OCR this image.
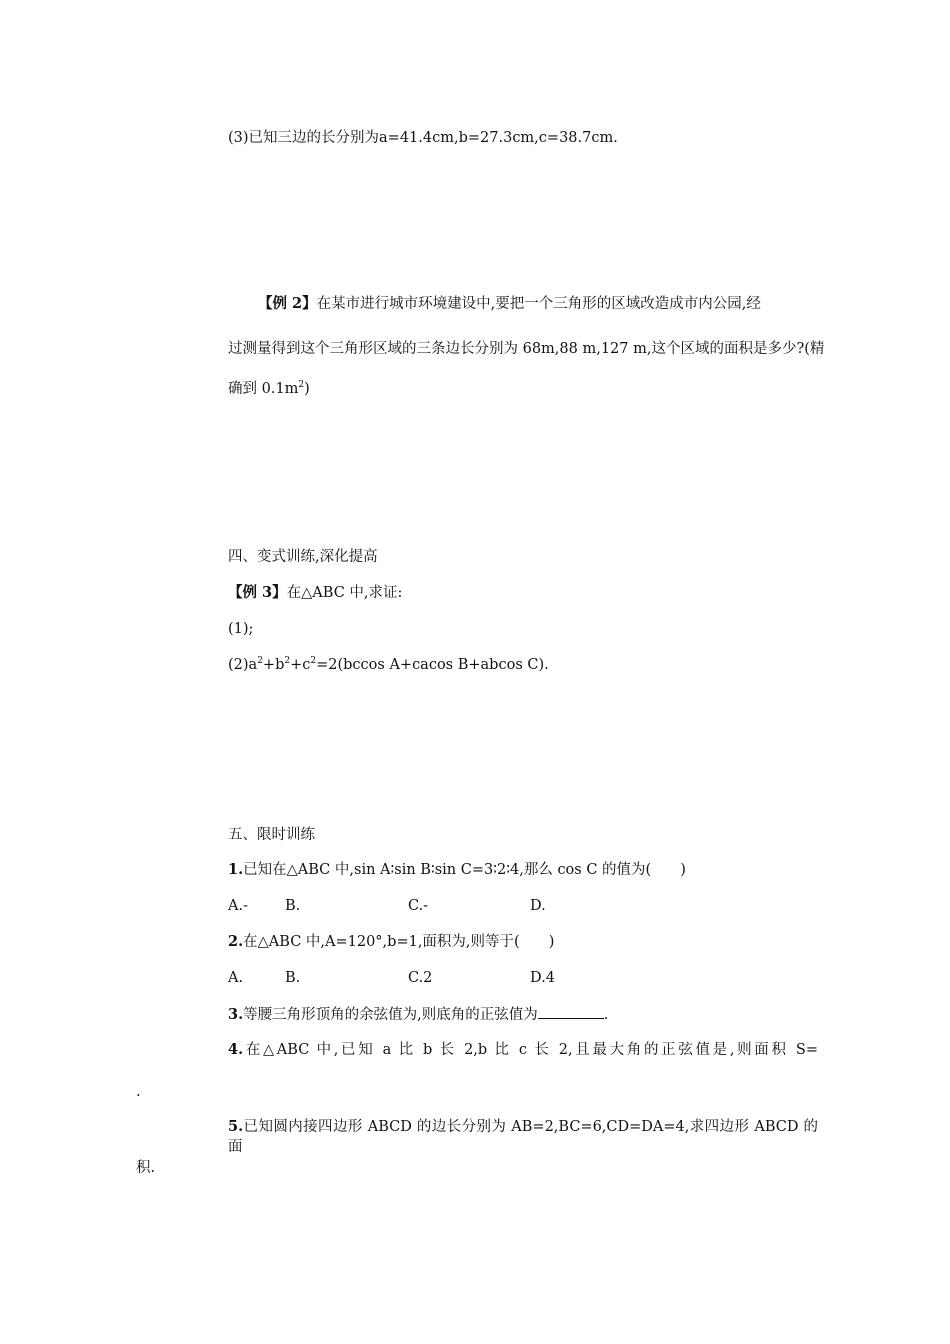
(3)已知三边的长分别为a=41.4cm,b=27.3cm,c=38.7cm.
【例 2】在某市进行城市环境建设中,要把一个三角形的区域改造成市内公园,经
过测量得到这个三角形区域的三条边长分别为 68m,88 m,127 m,这个区域的面积是多少?(精
确到 $0.1m^2$)
四、变式训练,深化提高
【例 3】在△ABC 中,求证:
(1);
$(2)a^2+b^2+c^2=2(bccos$ A+cacos B+abcos C).
五、限时训练
1.已知在△ABC 中,sin A∶sin B∶sin C=3∶2∶4,那么 cos C 的值为(　　)
A.-	B.	C.-	D.
2.在△ABC 中,A=120°,b=1,面积为,则等于(　　)
A.	B.	C.2	D.4
3.等腰三角形顶角的余弦值为,则底角的正弦值为	.
4.在△ABC 中,已知 a 比 b 长 2,b 比 c 长 2,且最大角的正弦值是,则面积 S=
.
5.已知圆内接四边形 ABCD 的边长分别为 AB=2,BC=6,CD=DA=4,求四边形 ABCD 的面
积.
